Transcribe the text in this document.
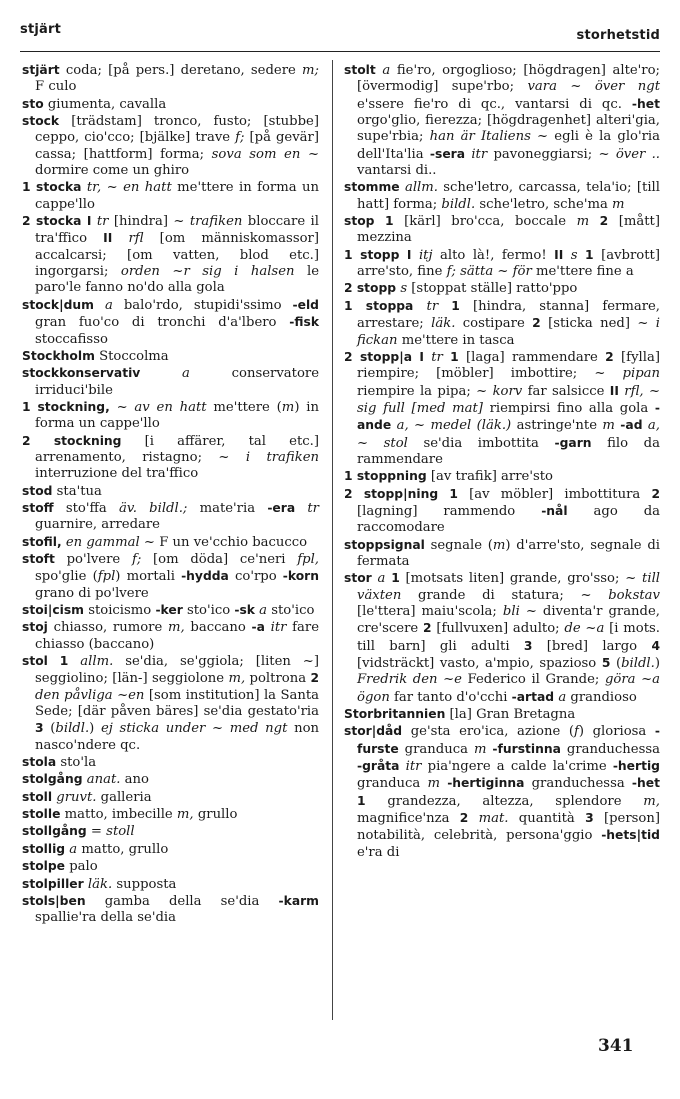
stjärt	storhetstid

stjärt coda; [på pers.] deretano, sedere m; F culo

sto giumenta, cavalla

stock [trädstam] tronco, fusto; [stubbe] ceppo, cio'cco; [bjälke] trave f; [på gevär] cassa; [hattform] forma; sova som en ~ dormire come un ghiro

1 stocka tr, ~ en hatt me'ttere in forma un cappe'llo

2 stocka I tr [hindra] ~ trafiken bloccare il tra'ffico II rfl [om människomassor] accalcarsi; [om vatten, blod etc.] ingorgarsi; orden ~r sig i halsen le paro'le fanno no'do alla gola

stock|dum a balo'rdo, stupidi'ssimo -eld gran fuo'co di tronchi d'a'lbero -fisk stoccafisso

Stockholm Stoccolma

stockkonservativ	a conservatore irriduci'bile

1 stockning, ~ av en hatt me'ttere (m) in forma un cappe'llo

2 stockning [i affärer, tal etc.] arrenamento, ristagno; ~ i trafiken interruzione del tra'ffico

stod sta'tua

stoff sto'ffa äv. bildl.; mate'ria -era tr guarnire, arredare

stofil, en gammal ~ F un ve'cchio bacucco

stoft po'lvere f; [om döda] ce'neri fpl, spo'glie (fpl) mortali -hydda co'rpo -korn grano di po'lvere

stoi|cism stoicismo -ker sto'ico -sk a sto'ico

stoj chiasso, rumore m, baccano -a itr fare chiasso (baccano)

stol 1 allm. se'dia, se'ggiola; [liten ~] seggiolino; [län-] seggiolone m, poltrona 2 den påvliga ~en [som institution] la Santa Sede; [där påven bäres] se'dia gestato'ria 3 (bildl.) ej sticka under ~ med ngt non nasco'ndere qc.

stola sto'la

stolgång anat. ano

stoll gruvt. galleria

stolle matto, imbecille m, grullo

stollgång = stoll

stollig a matto, grullo

stolpe palo

stolpiller läk. supposta

stols|ben gamba della se'dia -karm spallie'ra della se'dia

stolt a fie'ro, orgoglioso; [högdragen] alte'ro; [övermodig] supe'rbo; vara ~ över ngt e'ssere fie'ro di qc., vantarsi di qc. -het orgo'glio, fierezza; [högdragenhet] alteri'gia, supe'rbia; han är Italiens ~ egli è la glo'ria dell'Ita'lia -sera itr pavoneggiarsi; ~ över .. vantarsi di..

stomme allm. sche'letro, carcassa, tela'io; [till hatt] forma; bildl. sche'letro, sche'ma m

stop 1 [kärl] bro'cca, boccale m 2 [mått] mezzina

1 stopp I itj alto là!, fermo! II s 1 [avbrott] arre'sto, fine f; sätta ~ för me'ttere fine a

2 stopp s [stoppat ställe] ratto'ppo

1 stoppa tr 1 [hindra, stanna] fermare, arrestare; läk. costipare 2 [sticka ned] ~ i fickan me'ttere in tasca

2 stopp|a I tr 1 [laga] rammendare 2 [fylla] riempire; [möbler] imbottire; ~ pipan riempire la pipa; ~ korv far salsicce II rfl, ~ sig full [med mat] riempirsi fino alla gola -ande a, ~ medel (läk.) astringe'nte m -ad a, ~ stol se'dia imbottita -garn filo da rammendare

1 stoppning [av trafik] arre'sto

2 stopp|ning 1 [av möbler] imbottitura 2 [lagning] rammendo -nål ago da raccomodare

stoppsignal segnale (m) d'arre'sto, segnale di fermata

stor a 1 [motsats liten] grande, gro'sso; ~ till växten grande di statura; ~ bokstav [le'ttera] maiu'scola; bli ~ diventa'r grande, cre'scere 2 [fullvuxen] adulto; de ~a [i mots. till barn] gli adulti 3 [bred] largo 4 [vidsträckt] vasto, a'mpio, spazioso 5 (bildl.) Fredrik den ~e Federico il Grande; göra ~a ögon far tanto d'o'cchi -artad a grandioso

Storbritannien [la] Gran Bretagna

stor|dåd ge'sta ero'ica, azione (f) gloriosa -furste granduca m -furstinna granduchessa -gråta itr pia'ngere a calde la'crime -hertig granduca m -hertiginna granduchessa -het 1 grandezza, altezza, splendore m, magnifice'nza 2 mat. quantità 3 [person] notabilità, celebrità, persona'ggio -hets|tid e'ra di

341
